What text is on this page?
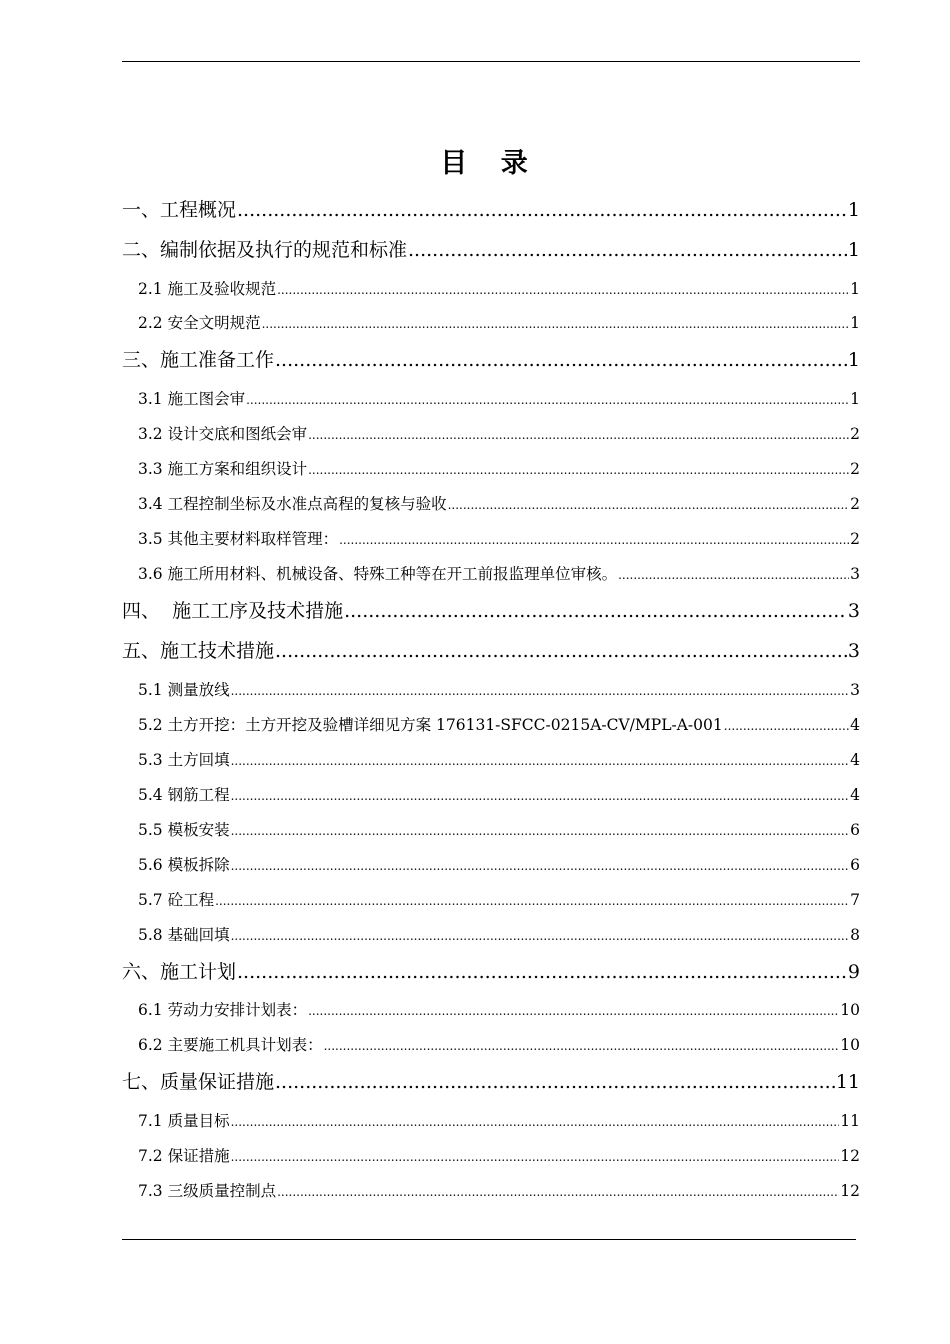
目 录
一、工程概况 .....	1
二、编制依据及执行的规范和标准 .....	1
2.1 施工及验收规范 .....	1
2.2 安全文明规范 .....	1
三、施工准备工作 .....	1
3.1 施工图会审 .....	1
3.2 设计交底和图纸会审 .....	2
3.3 施工方案和组织设计 .....	2
3.4 工程控制坐标及水准点高程的复核与验收 .....	2
3.5 其他主要材料取样管理： .....	2
3.6 施工所用材料、机械设备、特殊工种等在开工前报监理单位审核。 .....	3
四、  施工工序及技术措施 .....	3
五、施工技术措施 .....	3
5.1 测量放线 .....	3
5.2 土方开挖：土方开挖及验槽详细见方案 176131-SFCC-0215A-CV/MPL-A-001 .....	4
5.3 土方回填 .....	4
5.4 钢筋工程 .....	4
5.5 模板安装 .....	6
5.6 模板拆除 .....	6
5.7 砼工程 .....	7
5.8 基础回填 .....	8
六、施工计划 .....	9
6.1 劳动力安排计划表： .....	10
6.2 主要施工机具计划表： .....	10
七、质量保证措施 .....	11
7.1 质量目标 .....	11
7.2 保证措施 .....	12
7.3 三级质量控制点 .....	12
